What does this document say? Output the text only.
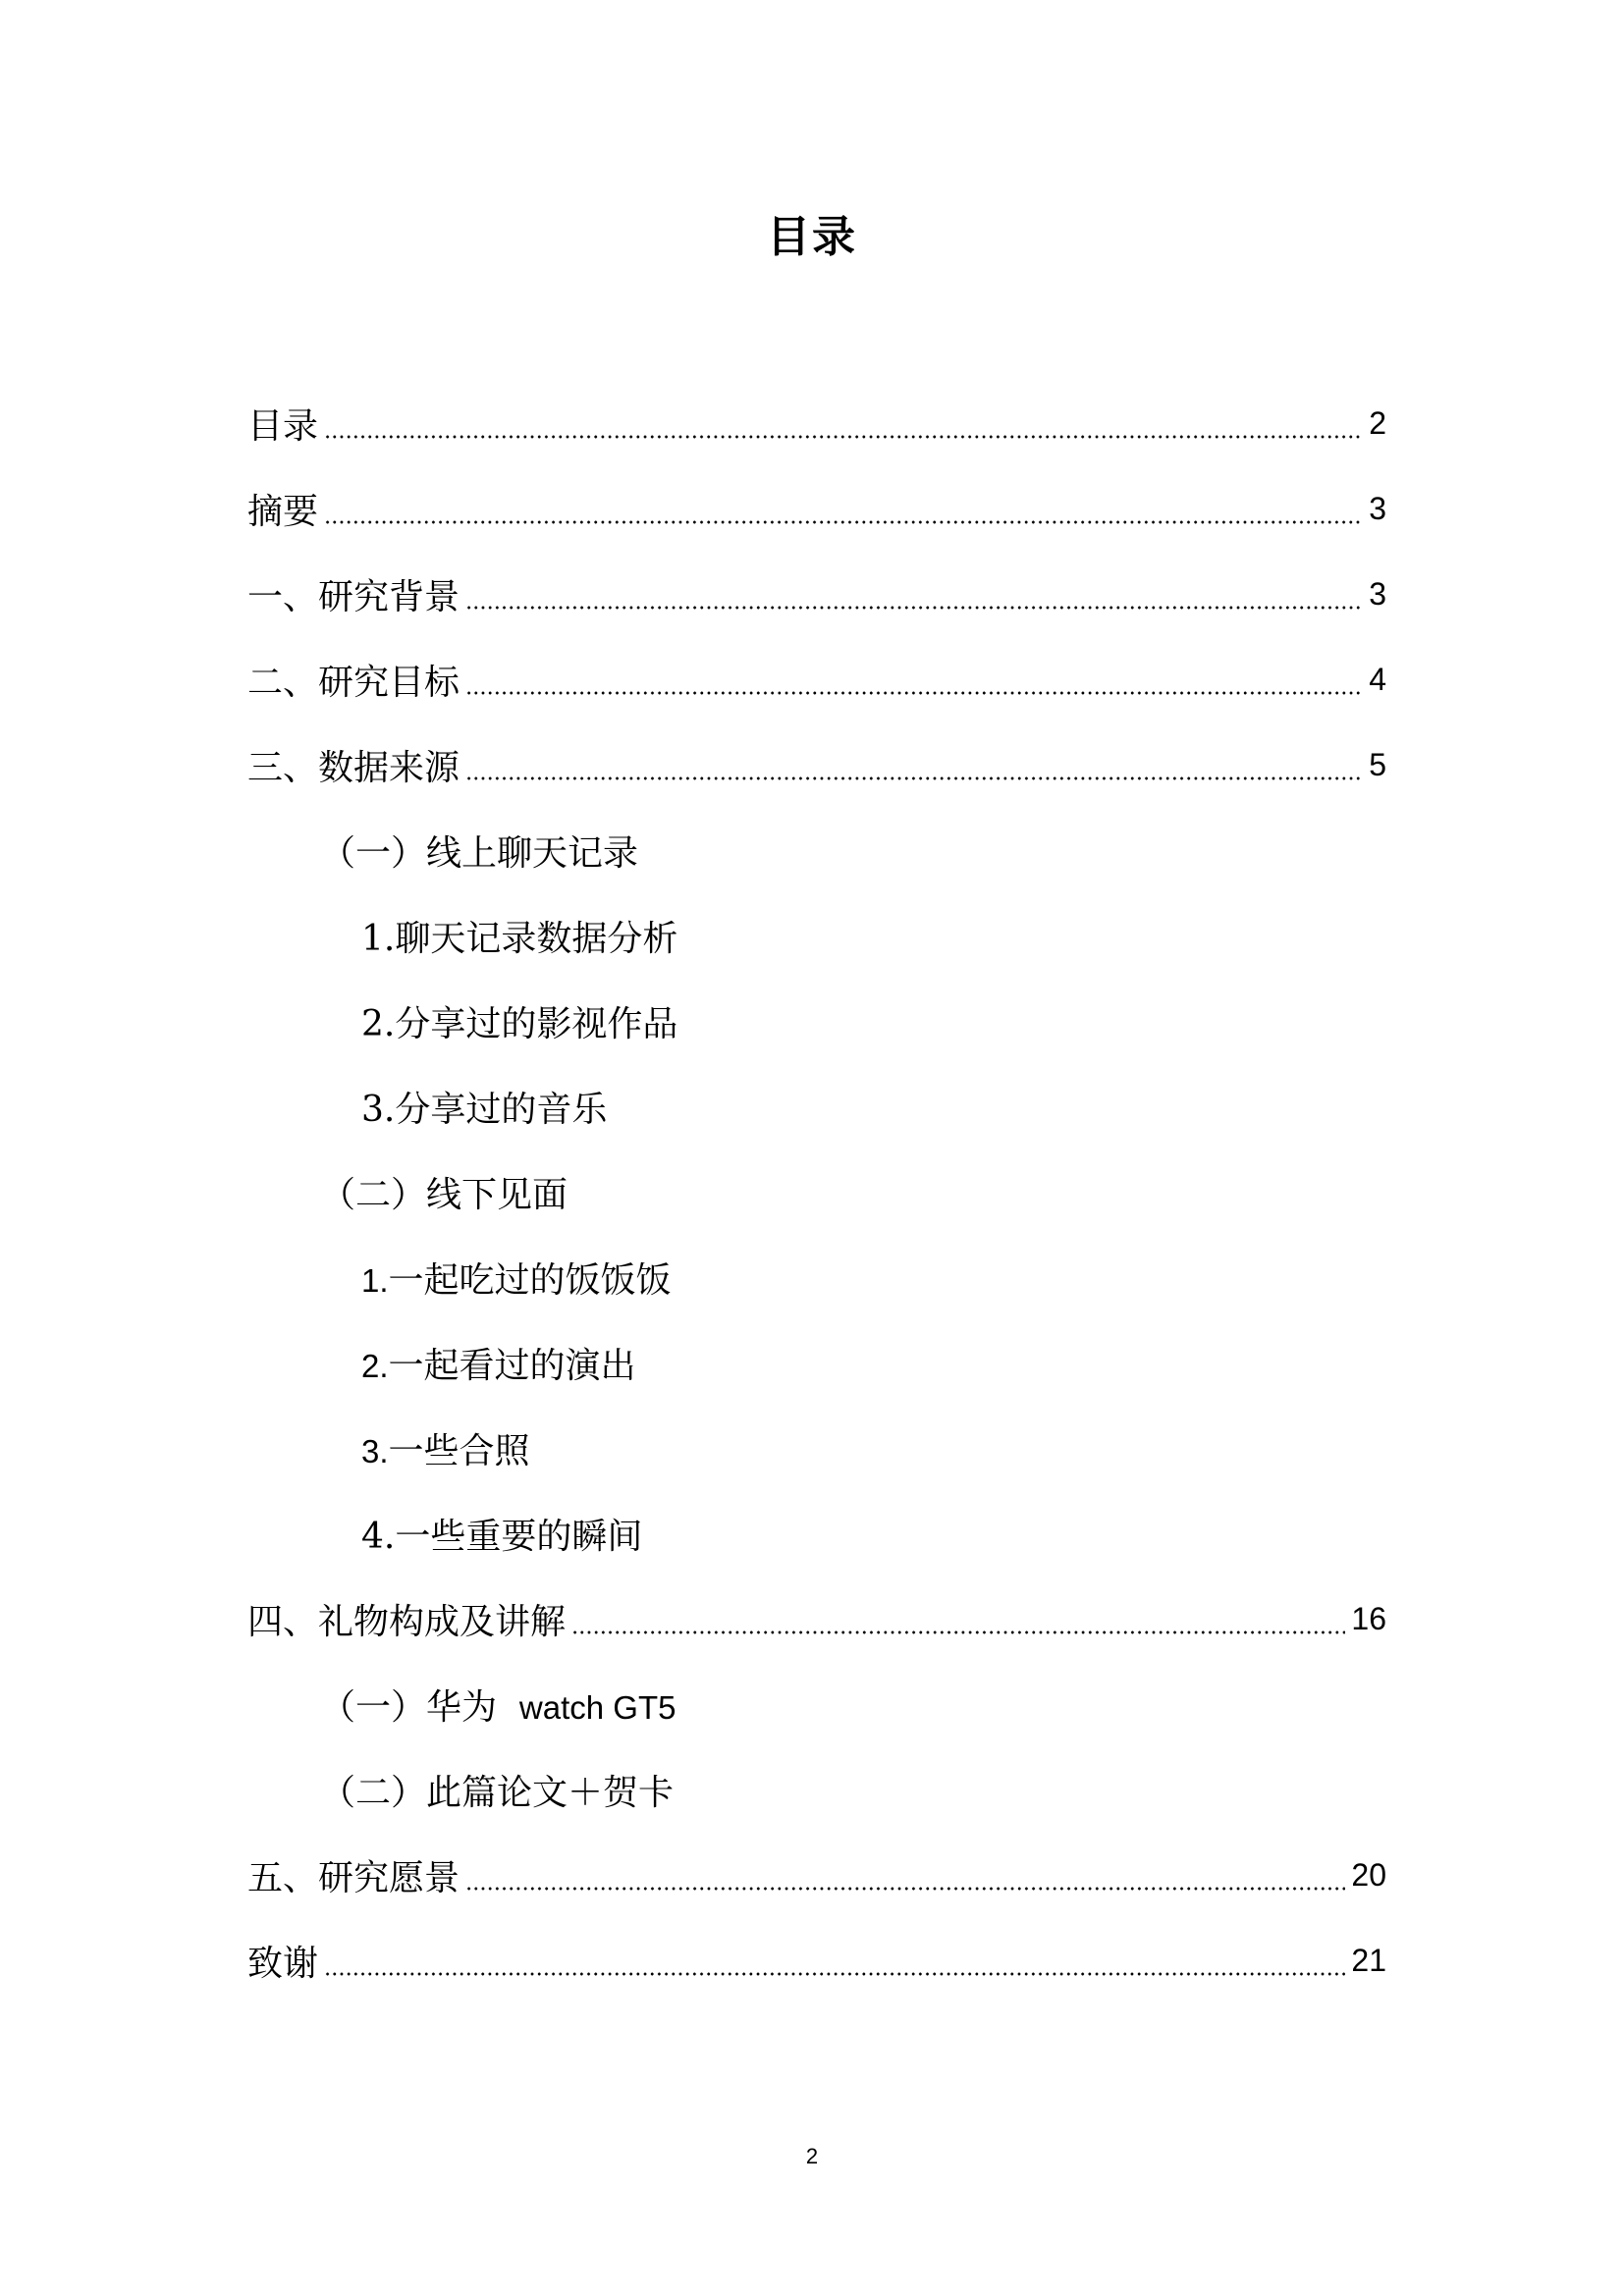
目录
目录	2
摘要	3
一、研究背景	3
二、研究目标	4
三、数据来源	5
（一）线上聊天记录
1.聊天记录数据分析
2.分享过的影视作品
3.分享过的音乐
（二）线下见面
1.一起吃过的饭饭饭
2.一起看过的演出
3.一些合照
4.一些重要的瞬间
四、礼物构成及讲解	16
（一）华为 watch GT5
（二）此篇论文＋贺卡
五、研究愿景	20
致谢	21
2
